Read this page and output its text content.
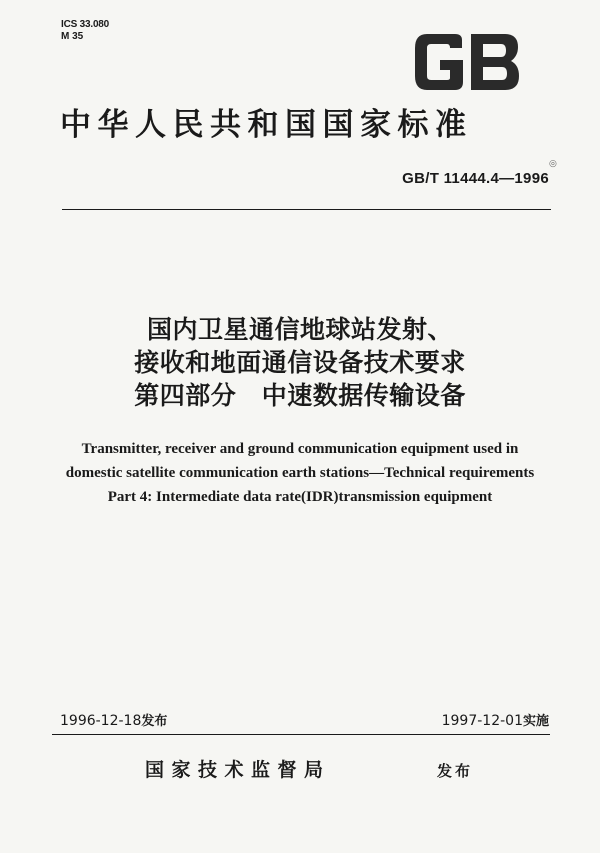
ICS 33.080
M 35
中华人民共和国国家标准
GB/T 11444.4—1996
◎
国内卫星通信地球站发射、
接收和地面通信设备技术要求
第四部分　中速数据传输设备
Transmitter, receiver and ground communication equipment used in
domestic satellite communication earth stations—Technical requirements
Part 4: Intermediate data rate(IDR)transmission equipment
1996-12-18发布	1997-12-01实施
国家技术监督局	发布
